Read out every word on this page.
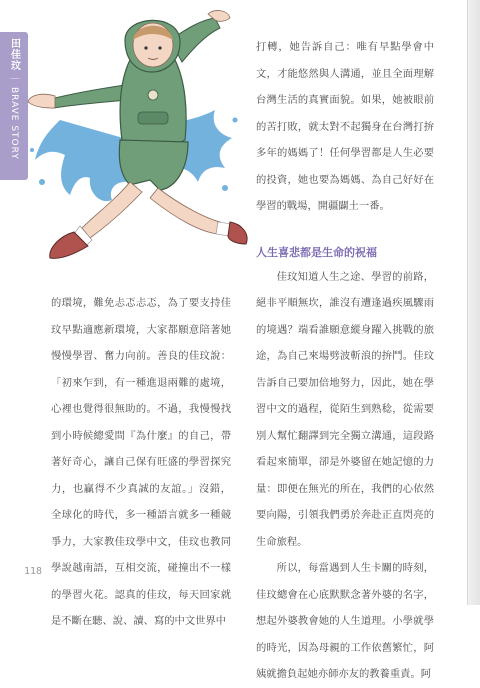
田佳玟
｜
BRAVE STORY

的環境，難免忐忑忐忑，為了要支持佳玟早點適應新環境，大家都願意陪著她慢慢學習、奮力向前。善良的佳玟說：「初來乍到，有一種進退兩難的處境，心裡也覺得很無助的。不過，我慢慢找到小時候總愛問『為什麼』的自己，帶著好奇心，讓自己保有旺盛的學習探究力，也贏得不少真誠的友誼。」沒錯，全球化的時代，多一種語言就多一種競爭力，大家教佳玟學中文，佳玟也教同學說越南語，互相交流，碰撞出不一樣的學習火花。認真的佳玟，每天回家就是不斷在聽、說、讀、寫的中文世界中

打轉，她告訴自己：唯有早點學會中文，才能悠然與人溝通，並且全面理解台灣生活的真實面貌。如果，她被眼前的苦打敗，就太對不起獨身在台灣打拚多年的媽媽了！任何學習都是人生必要的投資，她也要為媽媽、為自己好好在學習的戰場，開疆闢土一番。

人生喜悲都是生命的祝福

佳玟知道人生之途、學習的前路，絕非平順無坎，誰沒有遭逢過疾風驟雨的境遇？端看誰願意縱身躍入挑戰的旅途，為自己來場劈波斬浪的拚鬥。佳玟告訴自己要加倍地努力，因此，她在學習中文的過程，從陌生到熟稔，從需要別人幫忙翻譯到完全獨立溝通，這段路看起來簡單，卻是外婆留在她記憶的力量：即便在無光的所在，我們的心依然要向陽，引領我們勇於奔赴正直閃亮的生命旅程。

所以，每當遇到人生卡關的時刻，佳玟總會在心底默默念著外婆的名字，想起外婆教會她的人生道理。小學就學的時光，因為母親的工作依舊繁忙，阿姨就擔負起她亦師亦友的教養重責。阿

118
